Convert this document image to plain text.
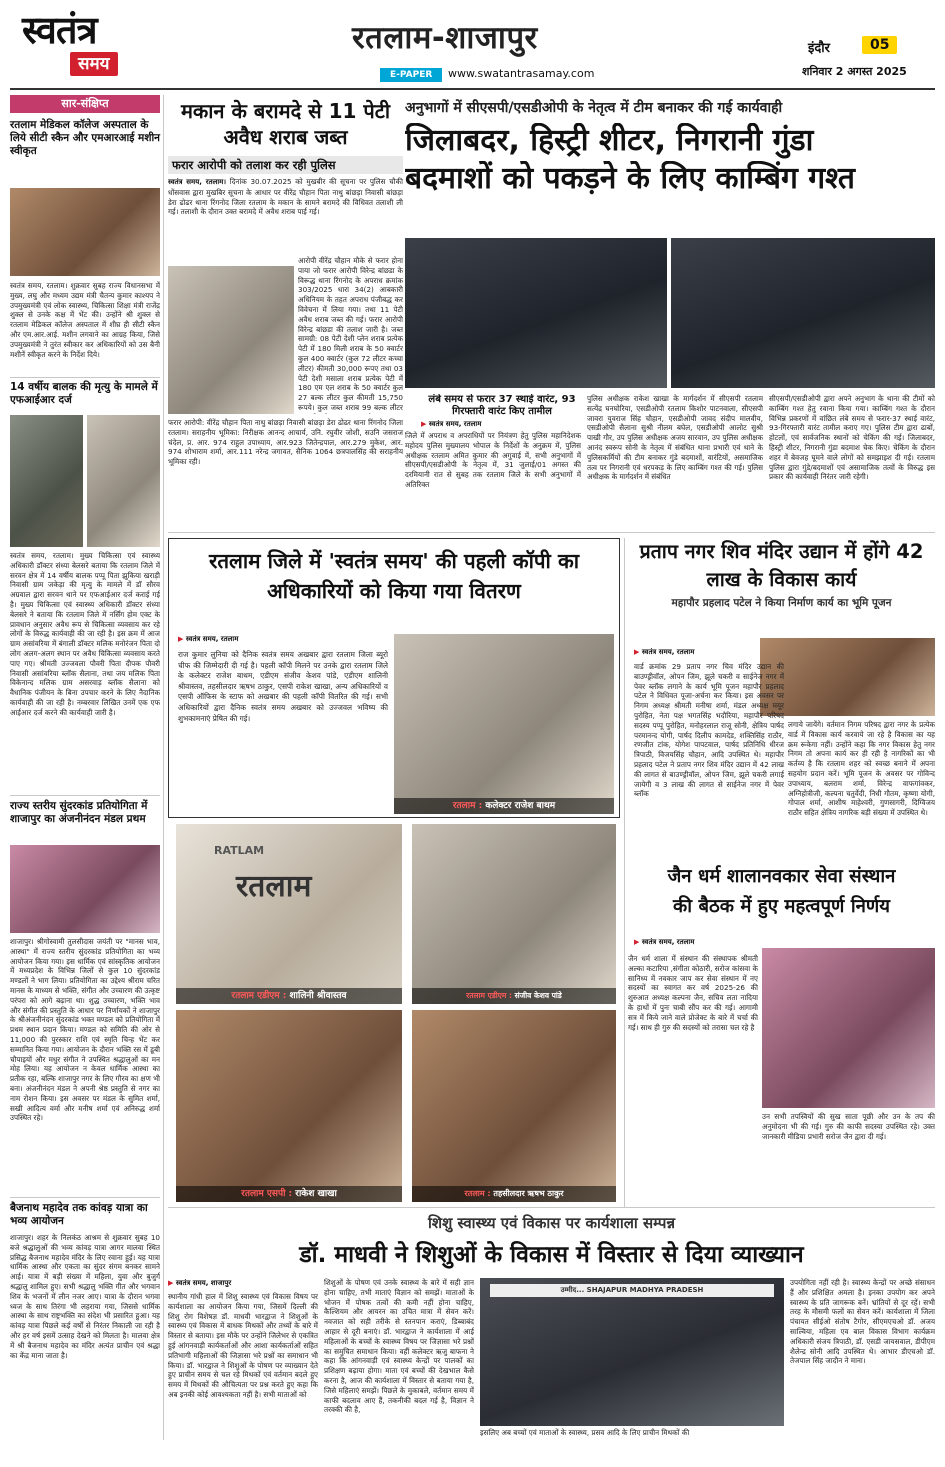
स्वतंत्र
समय
रतलाम-शाजापुर
E-PAPER	www.swatantrasamay.com
इंदौर	05
शनिवार 2 अगस्त 2025
सार-संक्षिप्त
रतलाम मेडिकल कॉलेज अस्पताल के लिये सीटी स्कैन और एमआरआई मशीन स्वीकृत
स्वतंत्र समय, रतलाम। शुक्रवार सुबह राज्य विधानसभा में मुख्य, लघु और मध्यम उद्यम मंत्री चैतन्य कुमार काश्यप ने उपमुख्यमंत्री एवं लोक स्वास्थ्य, चिकित्सा शिक्षा मंत्री राजेंद्र शुक्ल से उनके कक्ष में भेंट की। उन्होंने श्री शुक्ल से रतलाम मेडिकल कॉलेज अस्पताल में शीघ्र ही सीटी स्कैन और एम.आर.आई. मशीन लगवाने का आग्रह किया, जिसे उपमुख्यमंत्री ने तुरंत स्वीकार कर अधिकारियों को उस बैनी मशीनें स्वीकृत करने के निर्देश दिये।
14 वर्षीय बालक की मृत्यु के मामले में एफआईआर दर्ज
स्वतंत्र समय, रतलाम। मुख्य चिकित्सा एवं स्वास्थ्य अधिकारी डॉक्टर संध्या बेलसरे बताया कि रतलाम जिले में सरवन क्षेत्र में 14 वर्षीय बालक पप्पू पिता झुकिया खराड़ी निवासी ग्राम जकेड़ा की मृत्यु के मामले में डॉ सौरव अग्रवाल द्वारा सरवन थाने पर एफआईआर दर्ज कराई गई है। मुख्य चिकित्सा एवं स्वास्थ्य अधिकारी डॉक्टर संध्या बेलसरे ने बताया कि रतलाम जिले में नर्सिंग होम एक्ट के प्रावधान अनुसार अवैध रूप से चिकित्सा व्यवसाय कर रहे लोगों के विरुद्ध कार्यवाही की जा रही है। इस क्रम में आज ग्राम असांवरिया में बंगाली डॉक्टर मलिक मनोरंजन पिता दो लोग अलग-अलग स्थान पर अवैध चिकित्सा व्यवसाय करते पाए गए। श्रीमती उज्जवला पौवरी पिता दीपक पौवरी निवासी असांवरिया ब्लॉक सैलाना, तथा जय मलिक पिता विकेनान्द मलिक ग्राम असरवाड़ ब्लॉक सैलाना को वैधानिक पंजीयन के बिना उपचार करने के लिए नैदानिक कार्यवाही की जा रही है। नम्बरवार लिखित उनमें एक एफ आईआर दर्ज करने की कार्यवाही जारी है।
राज्य स्तरीय सुंदरकांड प्रतियोगिता में शाजापुर का अंजनीनंदन मंडल प्रथम
शाजापुर। श्रीगोस्वामी तुलसीदास जयंती पर "मानस भाव, आस्था" में राज्य स्तरीय सुंदरकांड प्रतियोगिता का भव्य आयोजन किया गया। इस धार्मिक एवं सांस्कृतिक आयोजन में मध्यप्रदेश के विभिन्न जिलों से कुल 10 सुंदरकांड मण्डलों ने भाग लिया। प्रतियोगिता का उद्देश्य श्रीराम चरित मानस के माध्यम से भक्ति, संगीत और उच्चारण की उत्कृष्ट परंपरा को आगे बढ़ाना था। शुद्ध उच्चारण, भक्ति भाव और संगीत की प्रस्तुति के आधार पर निर्णायकों ने शाजापुर के श्रीअंजनीनंदन सुंदरकांड भक्त मण्डल को प्रतियोगिता में प्रथम स्थान प्रदान किया। मण्डल को समिति की ओर से 11,000 की पुरस्कार राशि एवं स्मृति चिन्ह भेंट कर सम्मानित किया गया। आयोजन के दौरान भक्ति रस में डूबी चौपाइयों और मधुर संगीत ने उपस्थित श्रद्धालुओं का मन मोह लिया। यह आयोजन न केवल धार्मिक आस्था का प्रतीक रहा, बल्कि शाजापुर नगर के लिए गौरव का क्षण भी बना। अंजनीनंदन मंडल ने अपनी श्रेष्ठ प्रस्तुति से नगर का नाम रोशन किया। इस अवसर पर मंडल के सुमित शर्मा, सखी आदित्य वर्मा और मनीष शर्मा एवं अनिरुद्ध शर्मा उपस्थित रहे।
बैजनाथ महादेव तक कांवड़ यात्रा का भव्य आयोजन
शाजापुर। शहर के निलकंठ आश्रम से शुक्रवार सुबह 10 बजे श्रद्धालुओं की भव्य कांवड़ यात्रा आगर मालवा स्थित प्रसिद्ध बैजनाथ महादेव मंदिर के लिए रवाना हुई। यह यात्रा धार्मिक आस्था और एकता का सुंदर संगम बनकर सामने आई। यात्रा में बड़ी संख्या में महिला, युवा और बुजुर्ग श्रद्धालु शामिल हुए। सभी श्रद्धालु भक्ति गीत और भगवान शिव के भजनों में लीन नजर आए। यात्रा के दौरान भगवा ध्वज के साथ तिरंगा भी लहराया गया, जिससे धार्मिक आस्था के साथ राष्ट्रभक्ति का संदेश भी प्रसारित हुआ। यह कांवड़ यात्रा पिछले कई वर्षों से निरंतर निकाली जा रही है और हर वर्ष इसमें उत्साह देखने को मिलता है। मालवा क्षेत्र में श्री बैजनाथ महादेव का मंदिर अत्यंत प्राचीन एवं श्रद्धा का केंद्र माना जाता है।
मकान के बरामदे से 11 पेटी अवैध शराब जब्त
फरार आरोपी को तलाश कर रही पुलिस
स्वतंत्र समय, रतलाम। दिनांक 30.07.2025 को मुखबीर की सूचना पर पुलिस चौकी धोंसवास द्वारा मुखबिर सूचना के आधार पर वीरेंद्र चौहान पिता नाथु बांछड़ा निवासी बांछड़ा डेरा ढोढर थाना रिंगनोद जिला रतलाम के मकान के सामने बरामदे की विधिवत तलाशी ली गई। तलाशी के दौरान उक्त बरामदे में अवैध शराब पाई गई।
आरोपी वीरेंद्र चौहान मौके से फरार होना पाया जो फरार आरोपी विरेन्द्र बांछडा के विरूद्ध थाना रिंगनोद के अपराध क्रमांक 303/2025 धारा 34(2) आबकारी अधिनियम के तहत अपराध पंजीबद्ध कर विवेचना में लिया गया। तथा 11 पेटी अवैध शराब जब्त की गई। फरार आरोपी विरेन्द्र बांछडा की तलाश जारी है। जब्त सामग्री: 08 पेटी देशी प्लेन शराब प्रत्येक पेटी में 180 मिली शराब के 50 क्वार्टर कुल 400 क्वार्टर (कुल 72 लीटर कच्चा लीटर) कीमती 30,000 रूपए तथा 03 पेटी देशी मसाला शराब प्रत्येक पेटी में 180 एम एल शराब के 50 क्वार्टर कुल 27 बल्क लीटर कुल कीमती 15,750 रूपये। कुल जब्त शराब 99 बल्क लीटर
फरार आरोपी: वीरेंद्र चौहान पिता नाथु बांछड़ा निवासी बांछड़ा डेरा ढोढर थाना रिंगनोद जिला रतलाम। सराहनीय भूमिका: निरीक्षक आनन्द आचार्य, उनि. रघुवीर जोशी, सउनि जसराज चंदेल, प्र. आर. 974 राहुल उपाध्याय, आर.923 जितेन्द्रपाल, आर.279 मुकेश, आर. 974 शोभाराम शर्मा, आर.111 नरेन्द्र जगावत, सैनिक 1064 छत्रपालसिंह की सराहनीय भूमिका रही।
अनुभागों में सीएसपी/एसडीओपी के नेतृत्व में टीम बनाकर की गई कार्यवाही
जिलाबदर, हिस्ट्री शीटर, निगरानी गुंडा
बदमाशों को पकड़ने के लिए काम्बिंग गश्त
लंबे समय से फरार 37 स्थाई वारंट, 93 गिरफ्तारी वारंट किए तामील
▶ स्वतंत्र समय, रतलाम
जिले में अपराध व अपराधियों पर नियंत्रण हेतु पुलिस महानिदेशक महोदय पुलिस मुख्यालय भोपाल के निर्देशों के अनुक्रम में, पुलिस अधीक्षक रतलाम अमित कुमार की अगुवाई में, सभी अनुभागों में सीएसपी/एसडीओपी के नेतृत्व में, 31 जुलाई/01 अगस्त की दरमियानी रात से सुबह तक रतलाम जिले के सभी अनुभागों में अतिरिक्त
पुलिस अधीक्षक राकेश खाखा के मार्गदर्शन में सीएसपी रतलाम सत्येंद्र घनघोरिया, एसडीओपी रतलाम किशोर पाटनवाला, सीएसपी जावरा युवराज सिंह चौहान, एसडीओपी जावद संदीप मालवीय, एसडीओपी सैलाना सुश्री नीलम बघेल, एसडीओपी आलोट सुश्री पाखी गौर, उप पुलिस अधीक्षक अजय सारवान, उप पुलिस अधीक्षक आनंद स्वरूप सोनी के नेतृत्व में संबंधित थाना प्रभारी एवं थाने के पुलिसकर्मियों की टीम बनाकर गुंडे बदमाशों, वारंटियों, असमाजिक तत्व पर निगरानी एवं धरपकड़ के लिए काम्बिंग गश्त की गई। पुलिस अधीक्षक के मार्गदर्शन में संबंधित
सीएसपी/एसडीओपी द्वारा अपने अनुभाग के थाना की टीमों को काम्बिंग गश्त हेतु रवाना किया गया। काम्बिंग गश्त के दौरान विभिन्न प्रकरणों में वांछित लंबे समय से फरार-37 स्थाई वारंट, 93-गिरफ्तारी वारंट तामील कराए गए। पुलिस टीम द्वारा ढाबों, होटलों, एवं सार्वजनिक स्थानों को चेकिंग की गई। जिलाबदर, हिस्ट्री शीटर, निगरानी गुंडा बदमाश चेक किए। चेकिंग के दौरान शहर में बेवजह घूमने वाले लोगों को समझाइश दी गई। रतलाम पुलिस द्वारा गुंडे/बदमाशों एवं असामाजिक तत्वों के विरुद्ध इस प्रकार की कार्यवाही निरंतर जारी रहेगी।
रतलाम जिले में 'स्वतंत्र समय' की पहली कॉपी का अधिकारियों को किया गया वितरण
▶ स्वतंत्र समय, रतलाम
राज कुमार लुनिया को दैनिक स्वतंत्र समय अखबार द्वारा रतलाम जिला ब्यूरो चीफ की जिम्मेदारी दी गई है। पहली कॉपी मिलने पर उनके द्वारा रतलाम जिले के कलेक्टर राजेश बाथम, एडीएम संजीव केशव पांडे, एडीएम शालिनी श्रीवास्तव, तहसीलदार ऋषभ ठाकुर, एसपी राकेश खाखा, अन्य अधिकारियों व एसपी ऑफिस के स्टाफ को अखबार की पहली कॉपी वितरित की गई। सभी अधिकारियों द्वारा दैनिक स्वतंत्र समय अखबार को उज्जवल भविष्य की शुभकामनाएं प्रेषित की गई।
रतलाम : कलेक्टर राजेश बाथम
RATLAM
रतलाम
रतलाम एडीएम : शालिनी श्रीवास्तव	रतलाम एडीएम : संजीव केशव पांडे
रतलाम एसपी : राकेश खाखा	रतलाम : तहसीलदार ऋषभ ठाकुर
प्रताप नगर शिव मंदिर उद्यान में होंगे 42 लाख के विकास कार्य
महापौर प्रहलाद पटेल ने किया निर्माण कार्य का भूमि पूजन
▶ स्वतंत्र समय, रतलाम
वार्ड क्रमांक 29 प्रताप नगर चिव मंदिर उद्यान की बाउण्ड्रीवॉल, ओपन जिम, झूले चकरी व साईनेज नगर में पेवर ब्लॉक लगाने के कार्य भूमि पूजन महापौर प्रहलाद पटेल ने विधिवत पूजा-अर्चना कर किया। इस अवसर पर निगम अध्यक्ष श्रीमती मनीषा शर्मा, मंडल अध्यक्ष मयूर पुरोहित, नेता पक्ष भगतसिंह भदौरिया, महापौर परिषद सदस्य पप्पू पुरोहित, मनोहरलाल राजू सोनी, क्षेत्रिय पार्षद परमानन्द योगी, पार्षद दिलीप कामदेड, शक्तिसिंह राठौर, रणजीत टांक, योगेश पापटवाल, पार्षद प्रतिनिधि धीरज त्रिपाठी, विजयसिंह चौहान, आदि उपस्थित थे। महापौर प्रहलाद पटेल ने प्रताप नगर शिव मंदिर उद्यान में 42 लाख की लागत से बाउण्ड्रीवॉल, ओपन जिम, झूले चकरी लगाई जायेगी व 3 लाख की लागत से साईनेज नगर में पेवर ब्लॉक
लगाये जायेंगे। वर्तमान निगम परिषद द्वारा नगर के प्रत्येक वार्ड में विकास कार्य करवाये जा रहे है विकास का यह क्रम रूकेगा नहीं। उन्होंने कहा कि नगर विकास हेतु नगर निगम तो अपना कार्य कर ही रही है नागरिकों का भी कर्तव्य है कि रतलाम शहर को स्वच्छ बनाने में अपना सहयोग प्रदान करें। भूमि पूजन के अवसर पर गोविन्द उपाध्याय, बलराम शर्मा, विरेन्द्र वाफगांवकर, अग्निहोत्रीजी, कल्पना चतुर्वेदी, निधी गौतम, कृष्णा योगी, गोपाल शर्मा, आशीष माहेश्वरी, गुणसागरी, दिग्विजय राठौर सहित क्षेत्रिय नागरिक बड़ी संख्या में उपस्थित थे।
जैन धर्म शालानवकार सेवा संस्थान
की बैठक में हुए महत्वपूर्ण निर्णय
▶ स्वतंत्र समय, रतलाम
जैन धर्म शाला में संस्थान की संस्थापक श्रीमती अल्का कटारिया ,संगीता कोठारी, सरोज कांसवा के सानिध्य में नवकार जाप कर सेवा संस्थान में नए सदस्यों का स्वागत कर वर्ष 2025-26 की शुरुआत अध्यक्ष कल्पना जैन, सचिव लता नादिया के हाथों में पुनः चाबी सौंप कर की गई। आगामी सत्र में किये जाने वाले प्रोजेक्ट के बारे में चर्चा की गई। साथ ही गुरु की सदस्यों को तरासा चल रहे है
उन सभी तपस्वियों की सुख साता पूछी और उन के तप की अनुमोदना भी की गई। गुरु की काफी सदस्या उपस्थित रहे। उक्त जानकारी मीडिया प्रभारी सरोज जैन द्वारा दी गई।
शिशु स्वास्थ्य एवं विकास पर कार्यशाला सम्पन्न
डॉ. माधवी ने शिशुओं के विकास में विस्तार से दिया व्याख्यान
▶ स्वतंत्र समय, शाजापुर
स्थानीय गांधी हाल में शिशु स्वास्थ्य एवं विकास विषय पर कार्यशाला का आयोजन किया गया, जिसमें दिल्ली की शिशु रोग विशेषज्ञ डॉ. माधवी भारद्वाज ने शिशुओं के स्वास्थ्य एवं विकास में बाधक मिथकों और तथ्यों के बारे में विस्तार से बताया। इस मौके पर उन्होंने जिलेभर से एकत्रित हुई आंगनवाड़ी कार्यकर्ताओं और आशा कार्यकर्ताओं सहित प्रतिभागी महिलाओं की जिज्ञासा भरे प्रश्नों का समाधान भी किया। डॉ. भारद्वाज ने शिशुओं के पोषण पर व्याख्यान देते हुए प्राचीन समय से चल रहे मिथकों एवं वर्तमान बदले हुए समय में मिथकों की औचित्यता पर प्रश्न करते हुए कहा कि अब इनकी कोई आवश्यकता नहीं है। सभी माताओं को
शिशुओं के पोषण एवं उनके स्वास्थ्य के बारे में सही ज्ञान होना चाहिए, तभी माताएं विज्ञान को समझें। माताओं के भोजन में पोषक तत्वों की कमी नहीं होना चाहिए, कैल्शियम और आयरन का उचित मात्रा में सेवन करें। नवजात को सही तरीके से स्तनपान कराएं, डिब्बाबंद आहार से दूरी बनाएं। डॉ. भारद्वाज ने कार्यशाला में आई महिलाओं के बच्चों के स्वास्थ्य विषय पर जिज्ञासा भरे प्रश्नों का समुचित समाधान किया। वहीं कलेक्टर ऋजु बाफना ने कहा कि आंगनवाड़ी एवं स्वास्थ्य केन्द्रों पर पालकों का प्रशिक्षण बढ़ाया होगा। माता एवं बच्चों की देखभाल कैसे करना है, आज की कार्यशाला में विस्तार से बताया गया है, जिसे महिलाएं समझें। पिछले के मुकाबले, वर्तमान समय में काफी बदलाव आए हैं, तकनीकी बदल गई है, विज्ञान ने तरक्की की है,
उम्मीद... SHAJAPUR MADHYA PRADESH
इसलिए अब बच्चों एवं माताओं के स्वास्थ्य, प्रसव आदि के लिए प्राचीन मिथकों की
उपयोगिता नहीं रही है। स्वास्थ्य केन्द्रों पर अच्छे संसाधन हैं और प्रशिक्षित अमला है। इनका उपयोग कर अपने स्वास्थ्य के प्रति जागरूक बनें। भ्रांतियों से दूर रहें। सभी तरह के मौसमी फलों का सेवन करें। कार्यशाला में जिला पंचायत सीईओ संतोष टैगोर, सीएमएचओ डॉ. अजय साल्विया, महिला एव बाल विकास विभाग कार्यक्रम अधिकारी संजय त्रिपाठी, डॉ. एसडी जायसवाल, डीपीएम शैलेन्द्र सोनी आदि उपस्थित थे। आभार डीएचओ डॉ. तेजपाल सिंह जादौन ने माना।
